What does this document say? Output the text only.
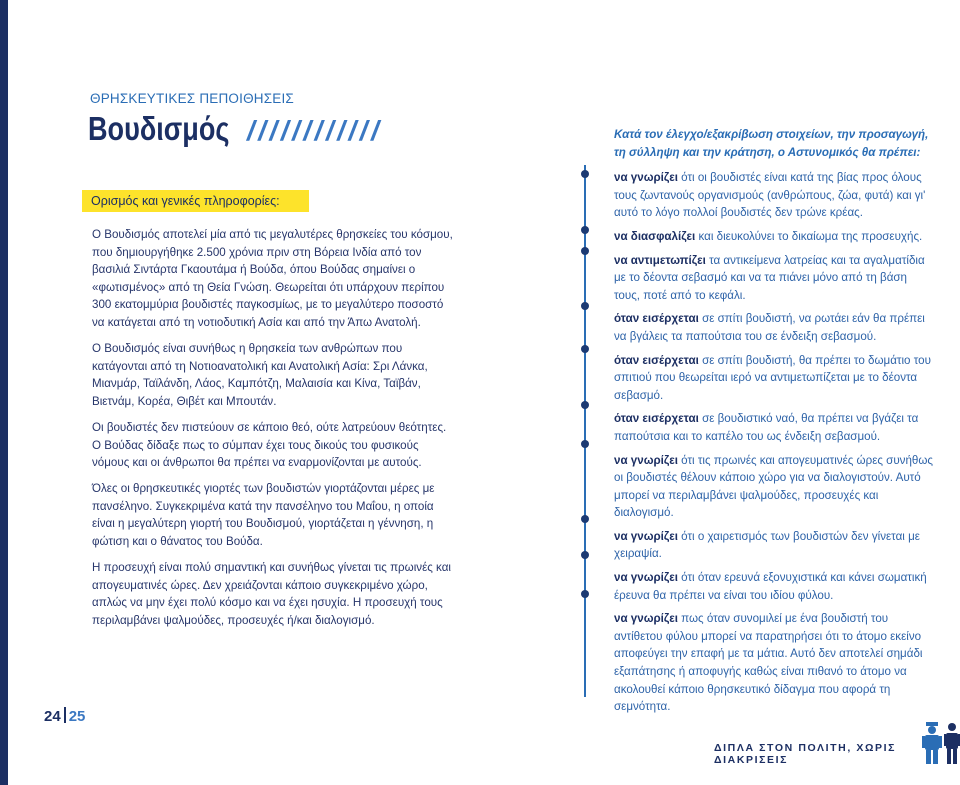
ΘΡΗΣΚΕΥΤΙΚΕΣ ΠΕΠΟΙΘΗΣΕΙΣ
Βουδισμός ////////////
Ορισμός και γενικές πληροφορίες:

Ο Βουδισμός αποτελεί μία από τις μεγαλυτέρες θρησκείες του κόσμου, που δημιουργήθηκε 2.500 χρόνια πριν στη Βόρεια Ινδία από τον βασιλιά Σιντάρτα Γκαουτάμα ή Βούδα, όπου Βούδας σημαίνει ο «φωτισμένος» από τη Θεία Γνώση. Θεωρείται ότι υπάρχουν περίπου 300 εκατομμύρια βουδιστές παγκοσμίως, με το μεγαλύτερο ποσοστό να κατάγεται από τη νοτιοδυτική Ασία και από την Άπω Ανατολή.

Ο Βουδισμός είναι συνήθως η θρησκεία των ανθρώπων που κατάγονται από τη Νοτιοανατολική και Ανατολική Ασία: Σρι Λάνκα, Μιανμάρ, Ταϊλάνδη, Λάος, Καμπότζη, Μαλαισία και Κίνα, Ταϊβάν, Βιετνάμ, Κορέα, Θιβέτ και Μπουτάν.

Οι βουδιστές δεν πιστεύουν σε κάποιο θεό, ούτε λατρεύουν θεότητες. Ο Βούδας δίδαξε πως το σύμπαν έχει τους δικούς του φυσικούς νόμους και οι άνθρωποι θα πρέπει να εναρμονίζονται με αυτούς.

Όλες οι θρησκευτικές γιορτές των βουδιστών γιορτάζονται μέρες με πανσέληνο. Συγκεκριμένα κατά την πανσέληνο του Μαΐου, η οποία είναι η μεγαλύτερη γιορτή του Βουδισμού, γιορτάζεται η γέννηση, η φώτιση και ο θάνατος του Βούδα.

Η προσευχή είναι πολύ σημαντική και συνήθως γίνεται τις πρωινές και απογευματινές ώρες. Δεν χρειάζονται κάποιο συγκεκριμένο χώρο, απλώς να μην έχει πολύ κόσμο και να έχει ησυχία. Η προσευχή τους περιλαμβάνει ψαλμούδες, προσευχές ή/και διαλογισμό.

Κατά τον έλεγχο/εξακρίβωση στοιχείων, την προσαγωγή, τη σύλληψη και την κράτηση, ο Αστυνομικός θα πρέπει:
να γνωρίζει ότι οι βουδιστές είναι κατά της βίας προς όλους τους ζωντανούς οργανισμούς (ανθρώπους, ζώα, φυτά) και γι' αυτό το λόγο πολλοί βουδιστές δεν τρώνε κρέας.
να διασφαλίζει και διευκολύνει το δικαίωμα της προσευχής.
να αντιμετωπίζει τα αντικείμενα λατρείας και τα αγαλματίδια με το δέοντα σεβασμό και να τα πιάνει μόνο από τη βάση τους, ποτέ από το κεφάλι.
όταν εισέρχεται σε σπίτι βουδιστή, να ρωτάει εάν θα πρέπει να βγάλεις τα παπούτσια του σε ένδειξη σεβασμού.
όταν εισέρχεται σε σπίτι βουδιστή, θα πρέπει το δωμάτιο του σπιτιού που θεωρείται ιερό να αντιμετωπίζεται με το δέοντα σεβασμό.
όταν εισέρχεται σε βουδιστικό ναό, θα πρέπει να βγάζει τα παπούτσια και το καπέλο του ως ένδειξη σεβασμού.
να γνωρίζει ότι τις πρωινές και απογευματινές ώρες συνήθως οι βουδιστές θέλουν κάποιο χώρο για να διαλογιστούν. Αυτό μπορεί να περιλαμβάνει ψαλμούδες, προσευχές και διαλογισμό.
να γνωρίζει ότι ο χαιρετισμός των βουδιστών δεν γίνεται με χειραψία.
να γνωρίζει ότι όταν ερευνά εξονυχιστικά και κάνει σωματική έρευνα θα πρέπει να είναι του ιδίου φύλου.
να γνωρίζει πως όταν συνομιλεί με ένα βουδιστή του αντίθετου φύλου μπορεί να παρατηρήσει ότι το άτομο εκείνο αποφεύγει την επαφή με τα μάτια. Αυτό δεν αποτελεί σημάδι εξαπάτησης ή αποφυγής καθώς είναι πιθανό το άτομο να ακολουθεί κάποιο θρησκευτικό δίδαγμα που αφορά τη σεμνότητα.
24 25
ΔΙΠΛΑ ΣΤΟΝ ΠΟΛΙΤΗ, ΧΩΡΙΣ ΔΙΑΚΡΙΣΕΙΣ
